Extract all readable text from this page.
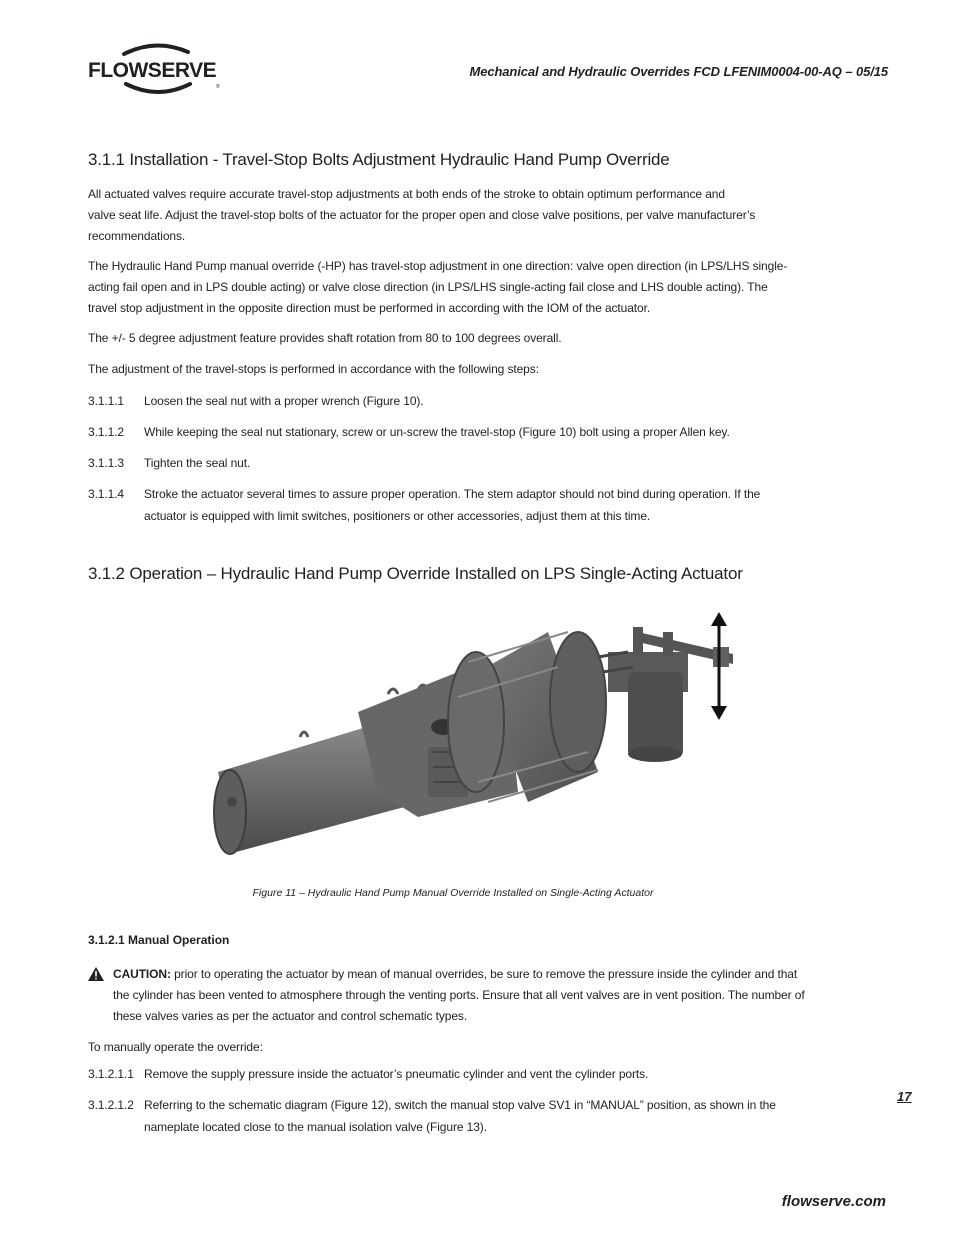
FLOWSERVE
®
Mechanical and Hydraulic Overrides FCD LFENIM0004-00-AQ – 05/15
3.1.1 Installation - Travel-Stop Bolts Adjustment Hydraulic Hand Pump Override
All actuated valves require accurate travel-stop adjustments at both ends of the stroke to obtain optimum performance and
valve seat life. Adjust the travel-stop bolts of the actuator for the proper open and close valve positions, per valve manufacturer’s
recommendations.
The Hydraulic Hand Pump manual override (-HP) has travel-stop adjustment in one direction: valve open direction (in LPS/LHS single-
acting fail open and in LPS double acting) or valve close direction (in LPS/LHS single-acting fail close and LHS double acting). The
travel stop adjustment in the opposite direction must be performed in according with the IOM of the actuator.
The +/- 5 degree adjustment feature provides shaft rotation from 80 to 100 degrees overall.
The adjustment of the travel-stops is performed in accordance with the following steps:
3.1.1.1	Loosen the seal nut with a proper wrench (Figure 10).
3.1.1.2	While keeping the seal nut stationary, screw or un-screw the travel-stop (Figure 10) bolt using a proper Allen key.
3.1.1.3	Tighten the seal nut.
3.1.1.4	Stroke the actuator several times to assure proper operation. The stem adaptor should not bind during operation. If the actuator is equipped with limit switches, positioners or other accessories, adjust them at this time.
3.1.2 Operation – Hydraulic Hand Pump Override Installed on LPS Single-Acting Actuator
Figure 11 – Hydraulic Hand Pump Manual Override Installed on Single-Acting Actuator
3.1.2.1 Manual Operation
CAUTION: prior to operating the actuator by mean of manual overrides, be sure to remove the pressure inside the cylinder and that the cylinder has been vented to atmosphere through the venting ports. Ensure that all vent valves are in vent position. The number of these valves varies as per the actuator and control schematic types.
To manually operate the override:
3.1.2.1.1 Remove the supply pressure inside the actuator’s pneumatic cylinder and vent the cylinder ports.
3.1.2.1.2 Referring to the schematic diagram (Figure 12), switch the manual stop valve SV1 in “MANUAL” position, as shown in the nameplate located close to the manual isolation valve (Figure 13).
17
flowserve.com
